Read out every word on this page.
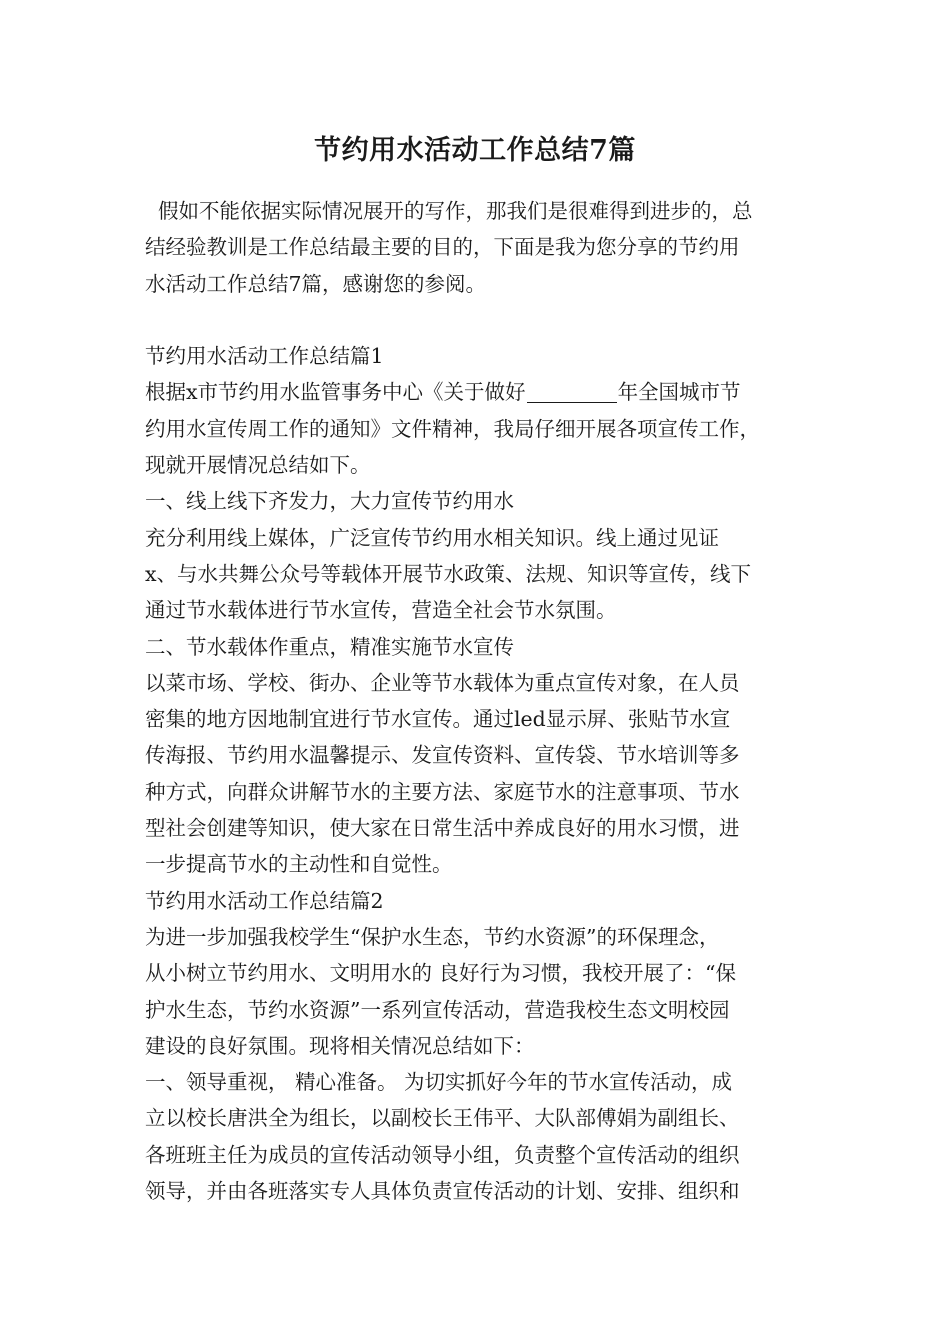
节约用水活动工作总结7篇
假如不能依据实际情况展开的写作，那我们是很难得到进步的，总
结经验教训是工作总结最主要的目的，下面是我为您分享的节约用
水活动工作总结7篇，感谢您的参阅。
节约用水活动工作总结篇1
根据x市节约用水监管事务中心《关于做好	年全国城市节
约用水宣传周工作的通知》文件精神，我局仔细开展各项宣传工作，
现就开展情况总结如下。
一、线上线下齐发力，大力宣传节约用水
充分利用线上媒体，广泛宣传节约用水相关知识。线上通过见证
x、与水共舞公众号等载体开展节水政策、法规、知识等宣传，线下
通过节水载体进行节水宣传，营造全社会节水氛围。
二、节水载体作重点，精准实施节水宣传
以菜市场、学校、街办、企业等节水载体为重点宣传对象，在人员
密集的地方因地制宜进行节水宣传。通过led显示屏、张贴节水宣
传海报、节约用水温馨提示、发宣传资料、宣传袋、节水培训等多
种方式，向群众讲解节水的主要方法、家庭节水的注意事项、节水
型社会创建等知识，使大家在日常生活中养成良好的用水习惯，进
一步提高节水的主动性和自觉性。
节约用水活动工作总结篇2
为进一步加强我校学生“保护水生态，节约水资源”的环保理念，
从小树立节约用水、文明用水的 良好行为习惯，我校开展了：“保
护水生态，节约水资源”一系列宣传活动，营造我校生态文明校园
建设的良好氛围。现将相关情况总结如下：
一、领导重视， 精心准备。 为切实抓好今年的节水宣传活动，成
立以校长唐洪全为组长，以副校长王伟平、大队部傅娟为副组长、
各班班主任为成员的宣传活动领导小组，负责整个宣传活动的组织
领导，并由各班落实专人具体负责宣传活动的计划、安排、组织和
